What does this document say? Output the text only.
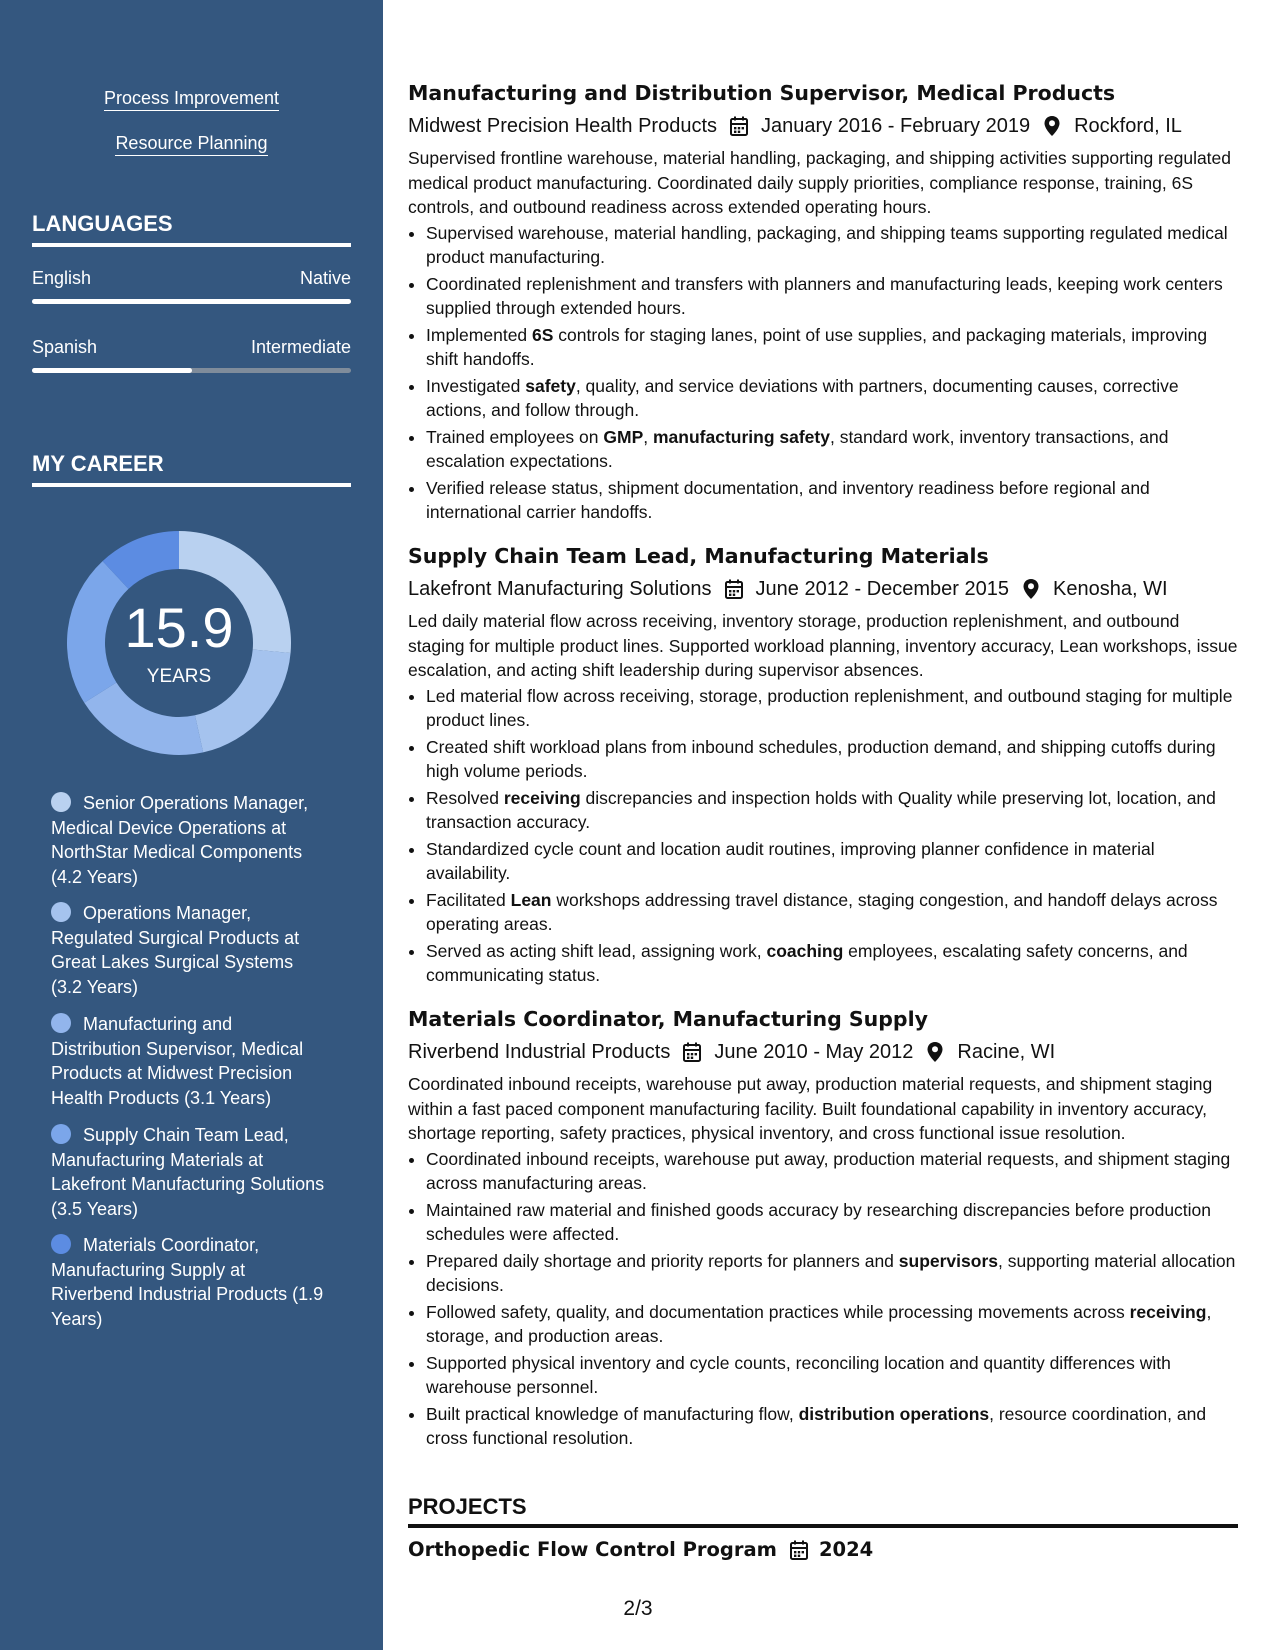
Process Improvement
Resource Planning
LANGUAGES
English	Native
Spanish	Intermediate
MY CAREER
15.9
YEARS
Senior Operations Manager, Medical Device Operations at NorthStar Medical Components (4.2 Years)
Operations Manager, Regulated Surgical Products at Great Lakes Surgical Systems (3.2 Years)
Manufacturing and Distribution Supervisor, Medical Products at Midwest Precision Health Products (3.1 Years)
Supply Chain Team Lead, Manufacturing Materials at Lakefront Manufacturing Solutions (3.5 Years)
Materials Coordinator, Manufacturing Supply at Riverbend Industrial Products (1.9 Years)
Manufacturing and Distribution Supervisor, Medical Products
Midwest Precision Health Products January 2016 - February 2019 Rockford, IL
Supervised frontline warehouse, material handling, packaging, and shipping activities supporting regulated medical product manufacturing. Coordinated daily supply priorities, compliance response, training, 6S controls, and outbound readiness across extended operating hours.
• Supervised warehouse, material handling, packaging, and shipping teams supporting regulated medical product manufacturing.
• Coordinated replenishment and transfers with planners and manufacturing leads, keeping work centers supplied through extended hours.
• Implemented 6S controls for staging lanes, point of use supplies, and packaging materials, improving shift handoffs.
• Investigated safety, quality, and service deviations with partners, documenting causes, corrective actions, and follow through.
• Trained employees on GMP, manufacturing safety, standard work, inventory transactions, and escalation expectations.
• Verified release status, shipment documentation, and inventory readiness before regional and international carrier handoffs.
Supply Chain Team Lead, Manufacturing Materials
Lakefront Manufacturing Solutions June 2012 - December 2015 Kenosha, WI
Led daily material flow across receiving, inventory storage, production replenishment, and outbound staging for multiple product lines. Supported workload planning, inventory accuracy, Lean workshops, issue escalation, and acting shift leadership during supervisor absences.
• Led material flow across receiving, storage, production replenishment, and outbound staging for multiple product lines.
• Created shift workload plans from inbound schedules, production demand, and shipping cutoffs during high volume periods.
• Resolved receiving discrepancies and inspection holds with Quality while preserving lot, location, and transaction accuracy.
• Standardized cycle count and location audit routines, improving planner confidence in material availability.
• Facilitated Lean workshops addressing travel distance, staging congestion, and handoff delays across operating areas.
• Served as acting shift lead, assigning work, coaching employees, escalating safety concerns, and communicating status.
Materials Coordinator, Manufacturing Supply
Riverbend Industrial Products June 2010 - May 2012 Racine, WI
Coordinated inbound receipts, warehouse put away, production material requests, and shipment staging within a fast paced component manufacturing facility. Built foundational capability in inventory accuracy, shortage reporting, safety practices, physical inventory, and cross functional issue resolution.
• Coordinated inbound receipts, warehouse put away, production material requests, and shipment staging across manufacturing areas.
• Maintained raw material and finished goods accuracy by researching discrepancies before production schedules were affected.
• Prepared daily shortage and priority reports for planners and supervisors, supporting material allocation decisions.
• Followed safety, quality, and documentation practices while processing movements across receiving, storage, and production areas.
• Supported physical inventory and cycle counts, reconciling location and quantity differences with warehouse personnel.
• Built practical knowledge of manufacturing flow, distribution operations, resource coordination, and cross functional resolution.
PROJECTS
Orthopedic Flow Control Program 2024
2/3
